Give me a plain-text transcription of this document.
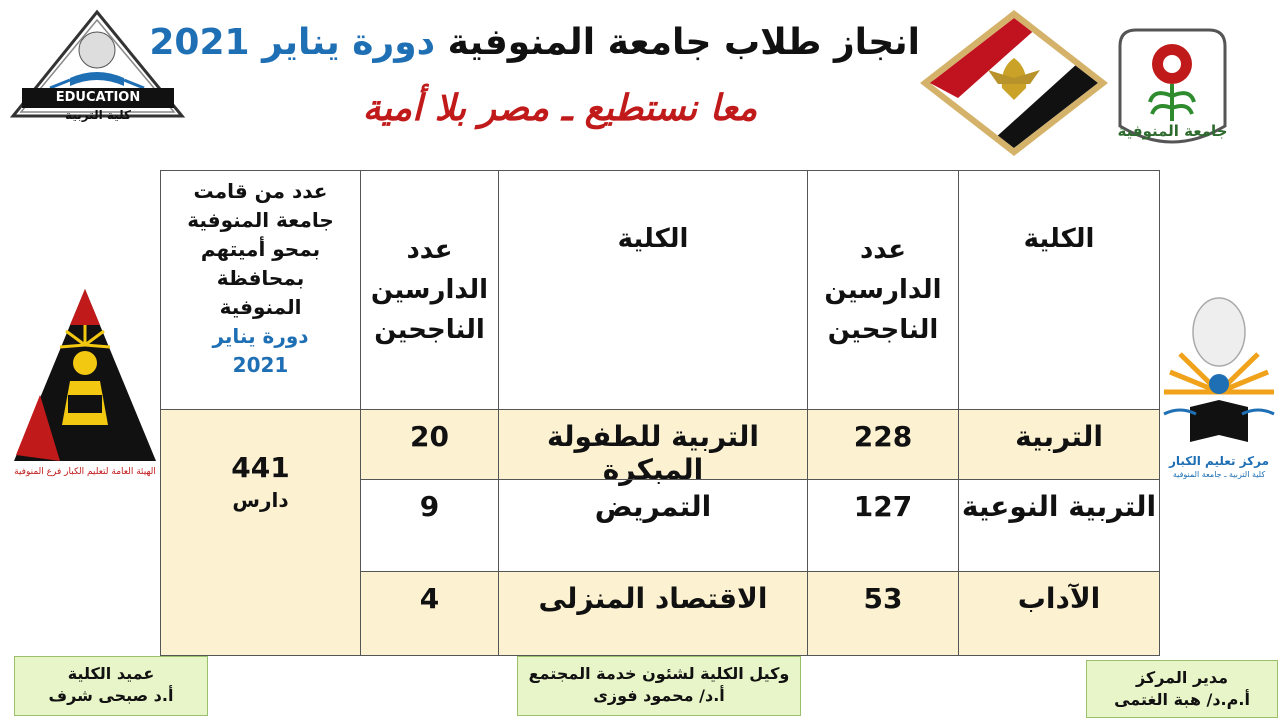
انجاز طلاب جامعة المنوفية دورة يناير 2021
معا نستطيع ـ مصر بلا أمية
EDUCATION
كلية التربية
جامعة المنوفية
الهيئة العامة لتعليم الكبار فرع المنوفية
مركز تعليم الكبار
كلية التربية ـ جامعة المنوفية
الكلية
عدد الدارسين الناجحين
الكلية
عدد الدارسين الناجحين
عدد من قامت جامعة المنوفية بمحو أميتهم بمحافظة المنوفية
دورة يناير 2021
التربية
228
التربية للطفولة المبكرة
20
التربية النوعية
127
التمريض
9
الآداب
53
الاقتصاد المنزلى
4
441
دارس
مدير المركز
أ.م.د/ هبة الغتمى
وكيل الكلية لشئون خدمة المجتمع
أ.د/ محمود فوزى
عميد الكلية
أ.د صبحى شرف
